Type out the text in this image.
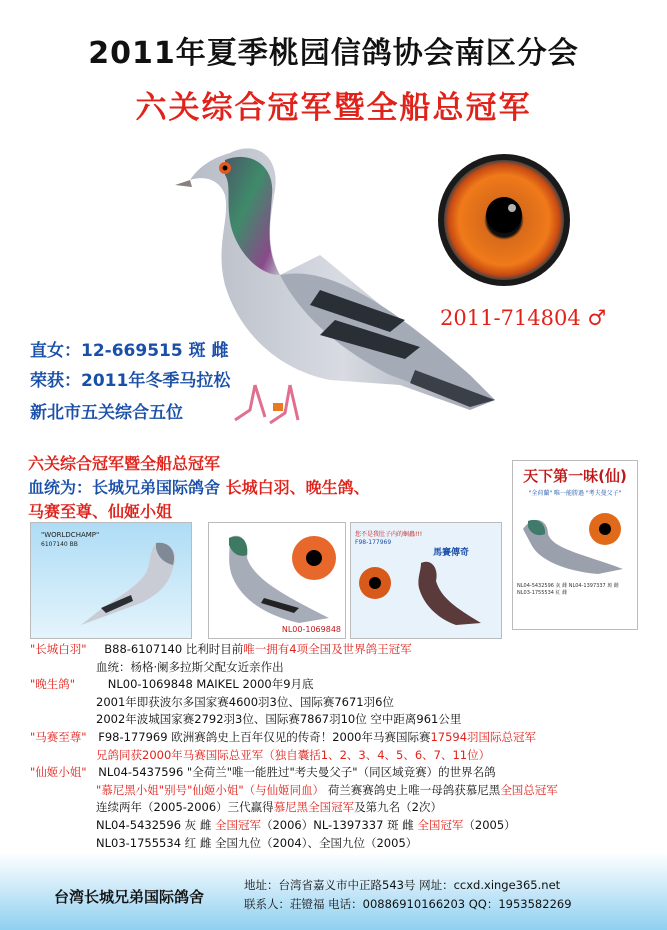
2011年夏季桃园信鸽协会南区分会
六关综合冠军暨全船总冠军
2011-714804 ♂
直女：12-669515 斑 雌
荣获：2011年冬季马拉松
新北市五关综合五位
六关综合冠军暨全船总冠军
血统为：长城兄弟国际鸽舍 长城白羽、晚生鸽、
马赛至尊、仙姬小姐
天下第一味(仙)
"全荷蘭" 唯一能勝過 "考夫曼父子"
NL04-5432596 灰 雌 NL04-1397337 斑 雌 NL03-1755534 紅 雌
"WORLDCHAMP"
6107140 BB
NL00-1069848
您不是我肚子内的蛔蟲!!!
F98-177969
馬賽傳奇
"长城白羽" B88-6107140 比利时目前唯一拥有4项全国及世界鸽王冠军
血统：杨格·阑多拉斯父配女近亲作出
"晚生鸽"	NL00-1069848 MAIKEL 2000年9月底
2001年即获波尔多国家赛4600羽3位、国际赛7671羽6位
2002年波城国家赛2792羽3位、国际赛7867羽10位 空中距离961公里
"马赛至尊" F98-177969 欧洲赛鸽史上百年仅见的传奇！2000年马赛国际赛17594羽国际总冠军
兄鸽同获2000年马赛国际总亚军（独自囊括1、2、3、4、5、6、7、11位）
"仙姬小姐" NL04-5437596 "全荷兰"唯一能胜过"考夫曼父子"（同区域竞赛）的世界名鸽
"慕尼黑小姐"别号"仙姬小姐"（与仙姬同血） 荷兰赛赛鸽史上唯一母鸽获慕尼黑全国总冠军
连续两年（2005-2006）三代赢得慕尼黑全国冠军及第九名（2次）
NL04-5432596 灰 雌 全国冠军（2006）NL-1397337 斑 雌 全国冠军（2005）
NL03-1755534 红 雌 全国九位（2004）、全国九位（2005）
台湾长城兄弟国际鸽舍
地址：台湾省嘉义市中正路543号 网址：ccxd.xinge365.net
联系人：荘镫福 电话：00886910166203 QQ：1953582269
